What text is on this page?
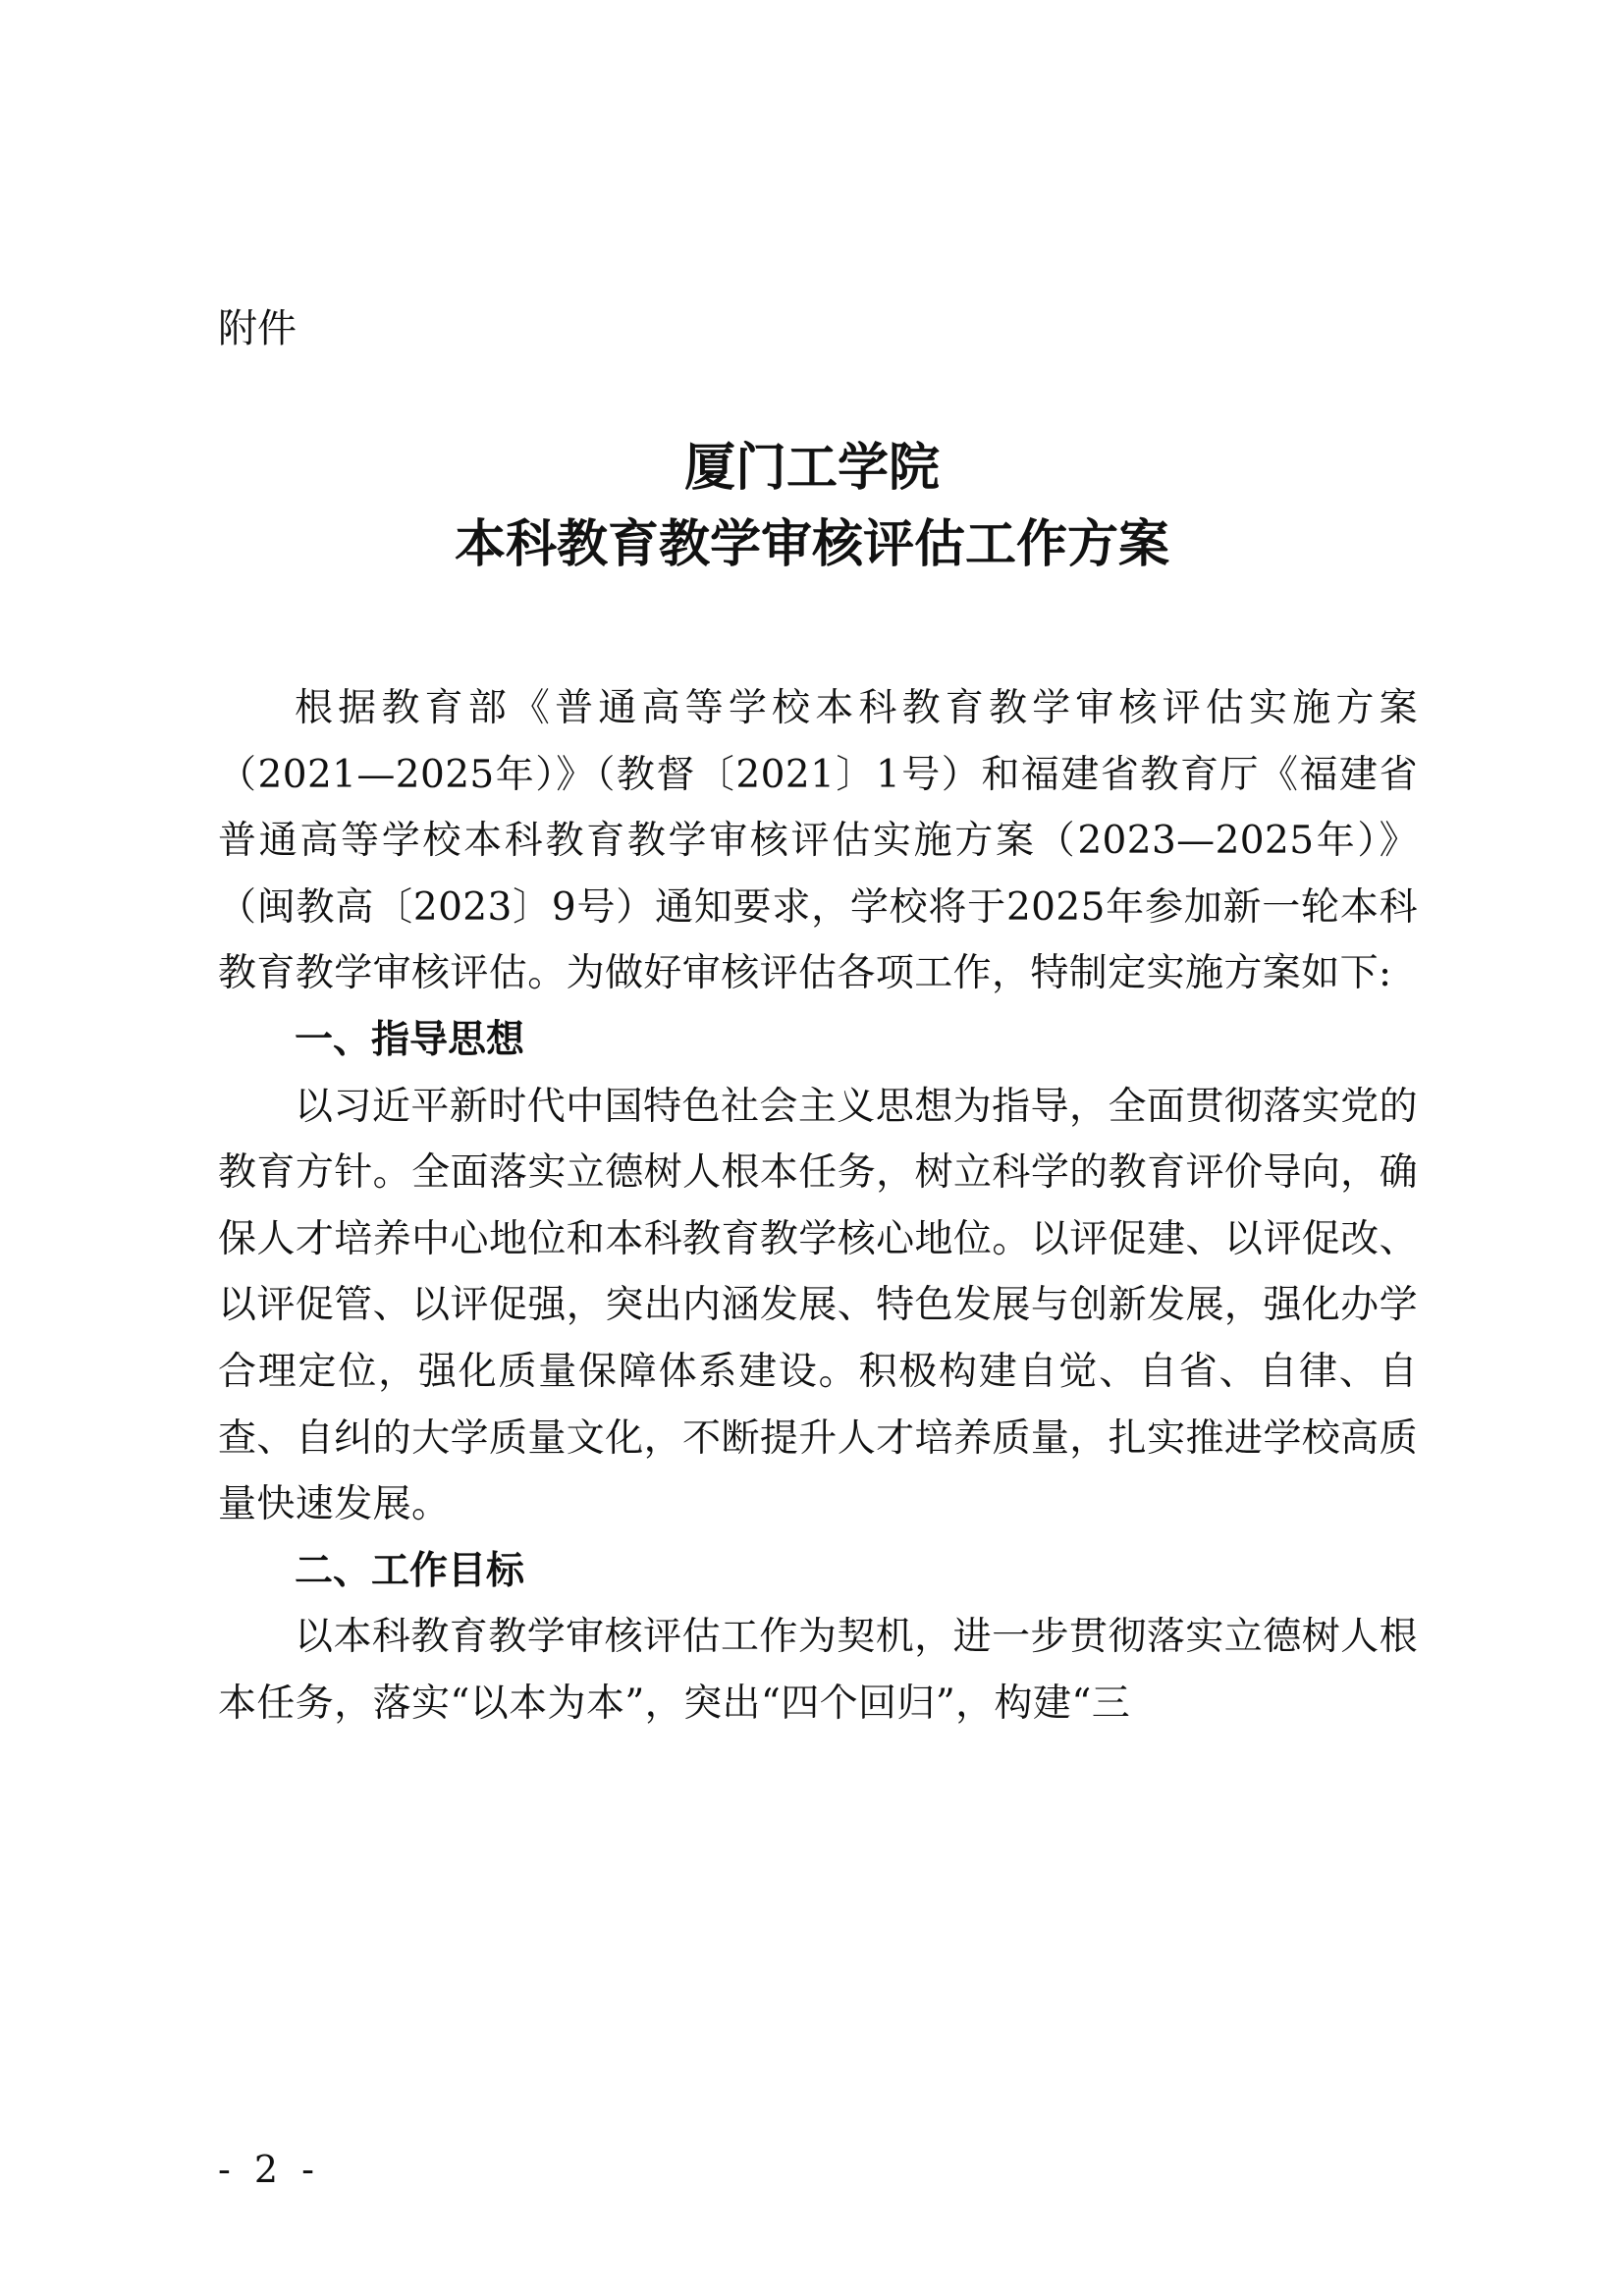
附件
厦门工学院
本科教育教学审核评估工作方案

根据教育部《普通高等学校本科教育教学审核评估实施方案（2021—2025年）》（教督〔2021〕1号）和福建省教育厅《福建省普通高等学校本科教育教学审核评估实施方案（2023—2025年）》（闽教高〔2023〕9号）通知要求，学校将于2025年参加新一轮本科教育教学审核评估。为做好审核评估各项工作，特制定实施方案如下:

一、指导思想

以习近平新时代中国特色社会主义思想为指导，全面贯彻落实党的教育方针。全面落实立德树人根本任务，树立科学的教育评价导向，确保人才培养中心地位和本科教育教学核心地位。以评促建、以评促改、以评促管、以评促强，突出内涵发展、特色发展与创新发展，强化办学合理定位，强化质量保障体系建设。积极构建自觉、自省、自律、自查、自纠的大学质量文化，不断提升人才培养质量，扎实推进学校高质量快速发展。

二、工作目标

以本科教育教学审核评估工作为契机，进一步贯彻落实立德树人根本任务，落实“以本为本”，突出“四个回归”，构建“三

- 2 -
